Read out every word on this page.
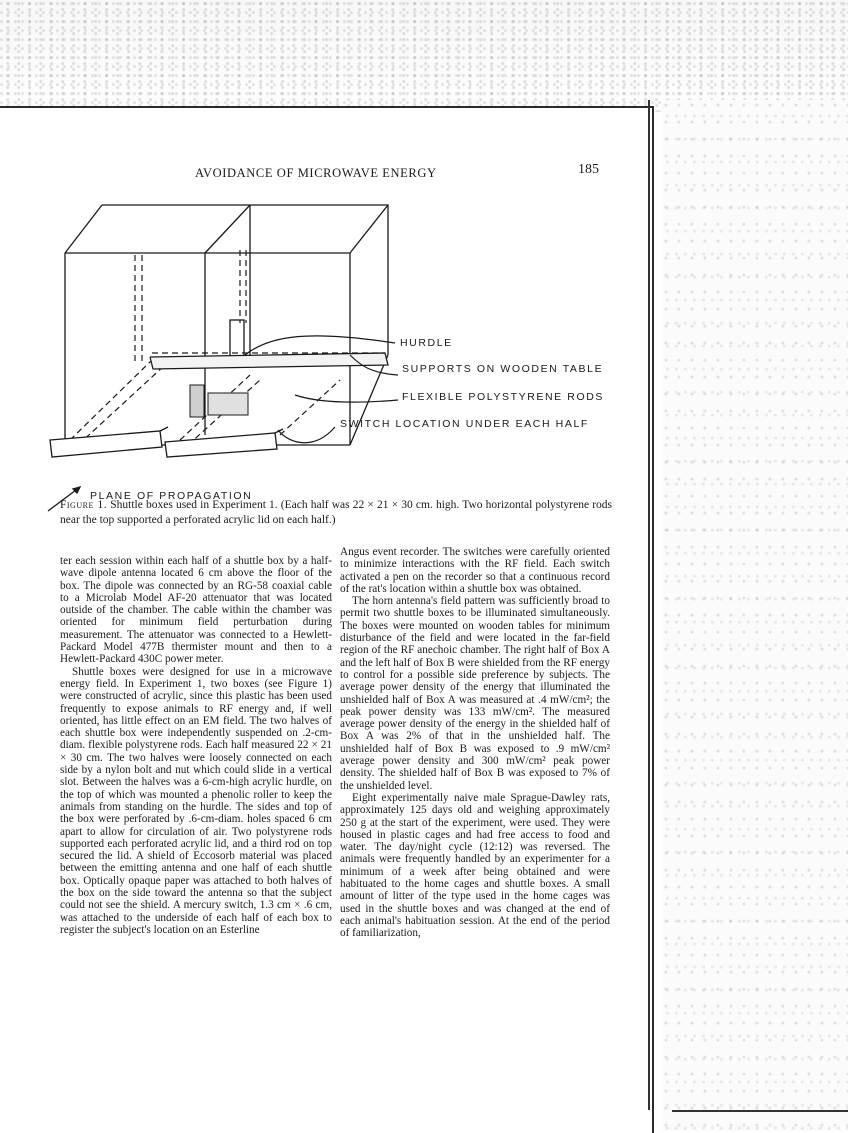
AVOIDANCE OF MICROWAVE ENERGY	185
HURDLE
SUPPORTS ON WOODEN TABLE
FLEXIBLE POLYSTYRENE RODS
SWITCH LOCATION UNDER EACH HALF
PLANE OF PROPAGATION
Figure 1. Shuttle boxes used in Experiment 1. (Each half was 22 × 21 × 30 cm. high. Two horizontal polystyrene rods near the top supported a perforated acrylic lid on each half.)

ter each session within each half of a shuttle box by a half-wave dipole antenna located 6 cm above the floor of the box. The dipole was connected by an RG-58 coaxial cable to a Microlab Model AF-20 attenuator that was located outside of the chamber. The cable within the chamber was oriented for minimum field perturbation during measurement. The attenuator was connected to a Hewlett-Packard Model 477B thermister mount and then to a Hewlett-Packard 430C power meter.

Shuttle boxes were designed for use in a microwave energy field. In Experiment 1, two boxes (see Figure 1) were constructed of acrylic, since this plastic has been used frequently to expose animals to RF energy and, if well oriented, has little effect on an EM field. The two halves of each shuttle box were independently suspended on .2-cm-diam. flexible polystyrene rods. Each half measured 22 × 21 × 30 cm. The two halves were loosely connected on each side by a nylon bolt and nut which could slide in a vertical slot. Between the halves was a 6-cm-high acrylic hurdle, on the top of which was mounted a phenolic roller to keep the animals from standing on the hurdle. The sides and top of the box were perforated by .6-cm-diam. holes spaced 6 cm apart to allow for circulation of air. Two polystyrene rods supported each perforated acrylic lid, and a third rod on top secured the lid. A shield of Eccosorb material was placed between the emitting antenna and one half of each shuttle box. Optically opaque paper was attached to both halves of the box on the side toward the antenna so that the subject could not see the shield. A mercury switch, 1.3 cm × .6 cm, was attached to the underside of each half of each box to register the subject's location on an Esterline

Angus event recorder. The switches were carefully oriented to minimize interactions with the RF field. Each switch activated a pen on the recorder so that a continuous record of the rat's location within a shuttle box was obtained.

The horn antenna's field pattern was sufficiently broad to permit two shuttle boxes to be illuminated simultaneously. The boxes were mounted on wooden tables for minimum disturbance of the field and were located in the far-field region of the RF anechoic chamber. The right half of Box A and the left half of Box B were shielded from the RF energy to control for a possible side preference by subjects. The average power density of the energy that illuminated the unshielded half of Box A was measured at .4 mW/cm²; the peak power density was 133 mW/cm². The measured average power density of the energy in the shielded half of Box A was 2% of that in the unshielded half. The unshielded half of Box B was exposed to .9 mW/cm² average power density and 300 mW/cm² peak power density. The shielded half of Box B was exposed to 7% of the unshielded level.

Eight experimentally naive male Sprague-Dawley rats, approximately 125 days old and weighing approximately 250 g at the start of the experiment, were used. They were housed in plastic cages and had free access to food and water. The day/night cycle (12:12) was reversed. The animals were frequently handled by an experimenter for a minimum of a week after being obtained and were habituated to the home cages and shuttle boxes. A small amount of litter of the type used in the home cages was used in the shuttle boxes and was changed at the end of each animal's habituation session. At the end of the period of familiarization,
